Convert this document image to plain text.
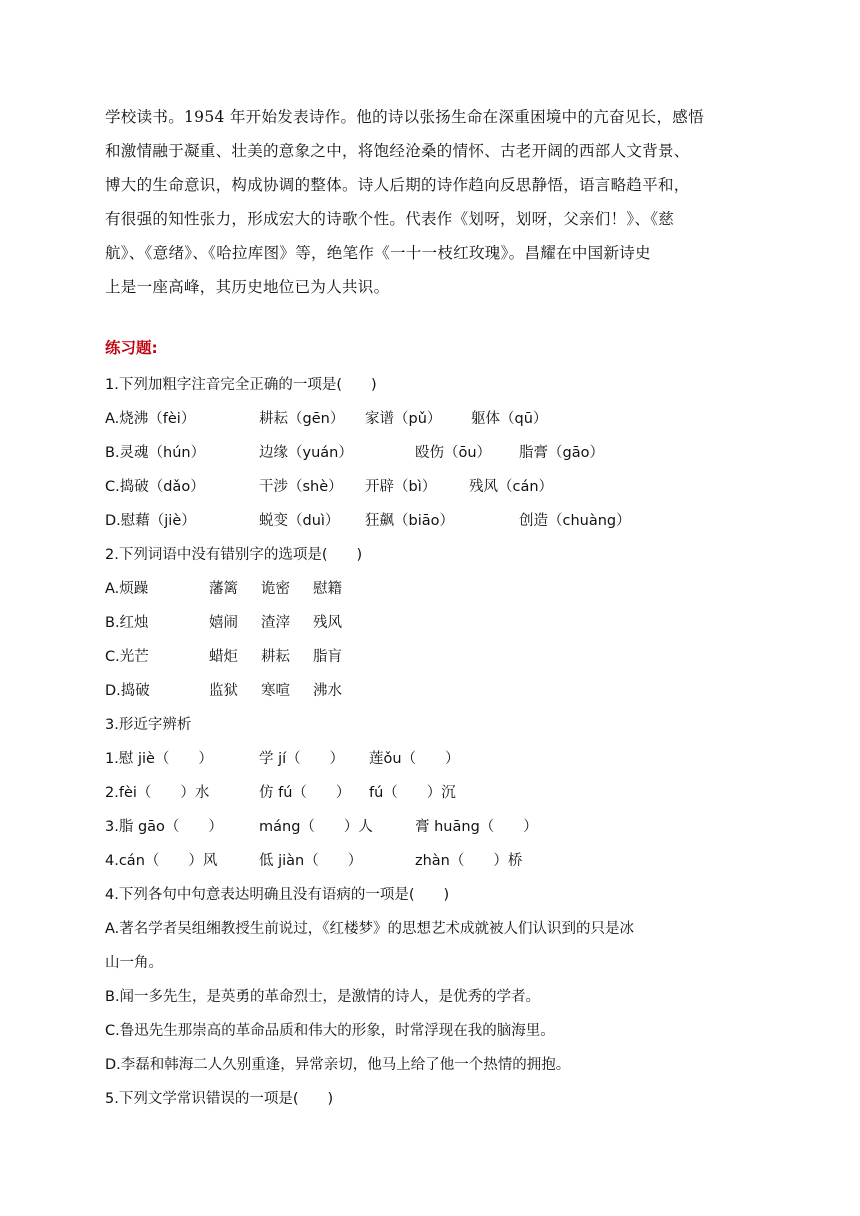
学校读书。1954 年开始发表诗作。他的诗以张扬生命在深重困境中的亢奋见长，感悟

和激情融于凝重、壮美的意象之中，将饱经沧桑的情怀、古老开阔的西部人文背景、

博大的生命意识，构成协调的整体。诗人后期的诗作趋向反思静悟，语言略趋平和，

有很强的知性张力，形成宏大的诗歌个性。代表作《划呀，划呀，父亲们！》、《慈

航》、《意绪》、《哈拉库图》等，绝笔作《一十一枝红玫瑰》。昌耀在中国新诗史

上是一座高峰，其历史地位已为人共识。

练习题:
1.下列加粗字注音完全正确的一项是(　　)
A.烧沸（fèi）	耕耘（gēn） 家谱（pǔ） 躯体（qū）
B.灵魂（hún）	边缘（yuán）	殴伤（ōu） 脂膏（gāo）
C.捣破（dǎo）	干涉（shè） 开辟（bì） 残风（cán）
D.慰藉（jiè）	蜕变（duì） 狂飙（biāo）	创造（chuàng）
2.下列词语中没有错别字的选项是(　　)
A.烦躁	藩篱 诡密 慰籍
B.红烛	嬉闹 渣滓 残风
C.光芒	蜡炬 耕耘 脂肓
D.捣破	监狱 寒喧 沸水
3.形近字辨析
1.慰 jiè（　　）	学 jí（　　） 莲ǒu（　　）
2.fèi（　　）水	仿 fú（　　） fú（　　）沉
3.脂 gāo（　　） máng（　　）人	膏 huāng（　　）
4.cán（　　）风	低 jiàn（　　）	zhàn（　　）桥
4.下列各句中句意表达明确且没有语病的一项是(　　)
A.著名学者吴组缃教授生前说过，《红楼梦》的思想艺术成就被人们认识到的只是冰
山一角。
B.闻一多先生，是英勇的革命烈士，是激情的诗人，是优秀的学者。
C.鲁迅先生那崇高的革命品质和伟大的形象，时常浮现在我的脑海里。
D.李磊和韩海二人久别重逢，异常亲切，他马上给了他一个热情的拥抱。
5.下列文学常识错误的一项是(　　)
